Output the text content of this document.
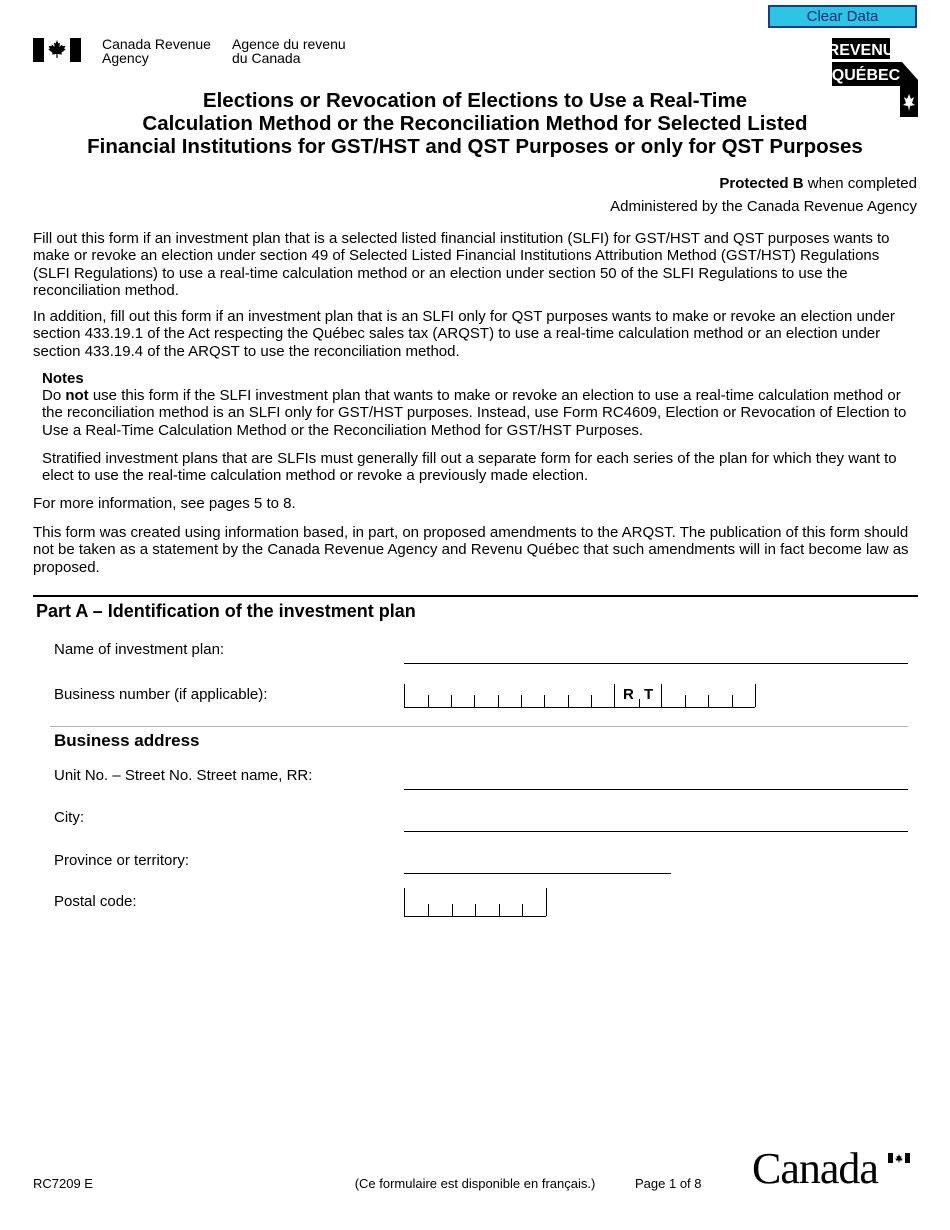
Clear Data
Canada Revenue
Agency
Agence du revenu
du Canada	REVENU
QUÉBEC
Elections or Revocation of Elections to Use a Real-Time
Calculation Method or the Reconciliation Method for Selected Listed
Financial Institutions for GST/HST and QST Purposes or only for QST Purposes
Protected B when completed
Administered by the Canada Revenue Agency
Fill out this form if an investment plan that is a selected listed financial institution (SLFI) for GST/HST and QST purposes wants to make or revoke an election under section 49 of Selected Listed Financial Institutions Attribution Method (GST/HST) Regulations (SLFI Regulations) to use a real-time calculation method or an election under section 50 of the SLFI Regulations to use the reconciliation method.
In addition, fill out this form if an investment plan that is an SLFI only for QST purposes wants to make or revoke an election under section 433.19.1 of the Act respecting the Québec sales tax (ARQST) to use a real-time calculation method or an election under section 433.19.4 of the ARQST to use the reconciliation method.
Notes
Do not use this form if the SLFI investment plan that wants to make or revoke an election to use a real-time calculation method or the reconciliation method is an SLFI only for GST/HST purposes. Instead, use Form RC4609, Election or Revocation of Election to Use a Real-Time Calculation Method or the Reconciliation Method for GST/HST Purposes.
Stratified investment plans that are SLFIs must generally fill out a separate form for each series of the plan for which they want to elect to use the real-time calculation method or revoke a previously made election.
For more information, see pages 5 to 8.
This form was created using information based, in part, on proposed amendments to the ARQST. The publication of this form should not be taken as a statement by the Canada Revenue Agency and Revenu Québec that such amendments will in fact become law as proposed.
Part A – Identification of the investment plan
Name of investment plan:
Business number (if applicable):	R T
Business address
Unit No. – Street No. Street name, RR:
City:
Province or territory:
Postal code:
RC7209 E	(Ce formulaire est disponible en français.)	Page 1 of 8 Canada
